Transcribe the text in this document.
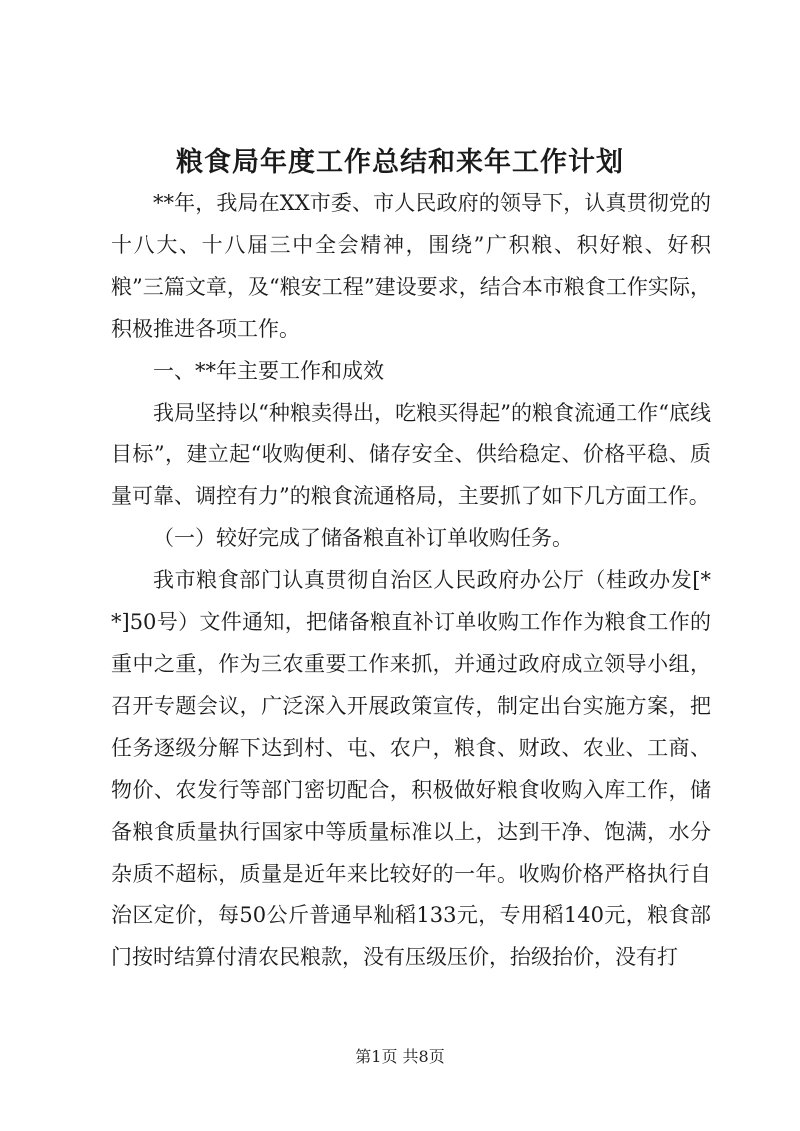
粮食局年度工作总结和来年工作计划

**年，我局在XX市委、市人民政府的领导下，认真贯彻党的十八大、十八届三中全会精神，围绕”广积粮、积好粮、好积粮”三篇文章，及“粮安工程”建设要求，结合本市粮食工作实际，积极推进各项工作。

一、**年主要工作和成效

我局坚持以“种粮卖得出，吃粮买得起”的粮食流通工作“底线目标”，建立起“收购便利、储存安全、供给稳定、价格平稳、质量可靠、调控有力”的粮食流通格局，主要抓了如下几方面工作。

（一）较好完成了储备粮直补订单收购任务。

我市粮食部门认真贯彻自治区人民政府办公厅（桂政办发[**]50号）文件通知，把储备粮直补订单收购工作作为粮食工作的重中之重，作为三农重要工作来抓，并通过政府成立领导小组，召开专题会议，广泛深入开展政策宣传，制定出台实施方案，把任务逐级分解下达到村、屯、农户，粮食、财政、农业、工商、物价、农发行等部门密切配合，积极做好粮食收购入库工作，储备粮食质量执行国家中等质量标准以上，达到干净、饱满，水分杂质不超标，质量是近年来比较好的一年。收购价格严格执行自治区定价，每50公斤普通早籼稻133元，专用稻140元，粮食部门按时结算付清农民粮款，没有压级压价，抬级抬价，没有打

第1页 共8页
